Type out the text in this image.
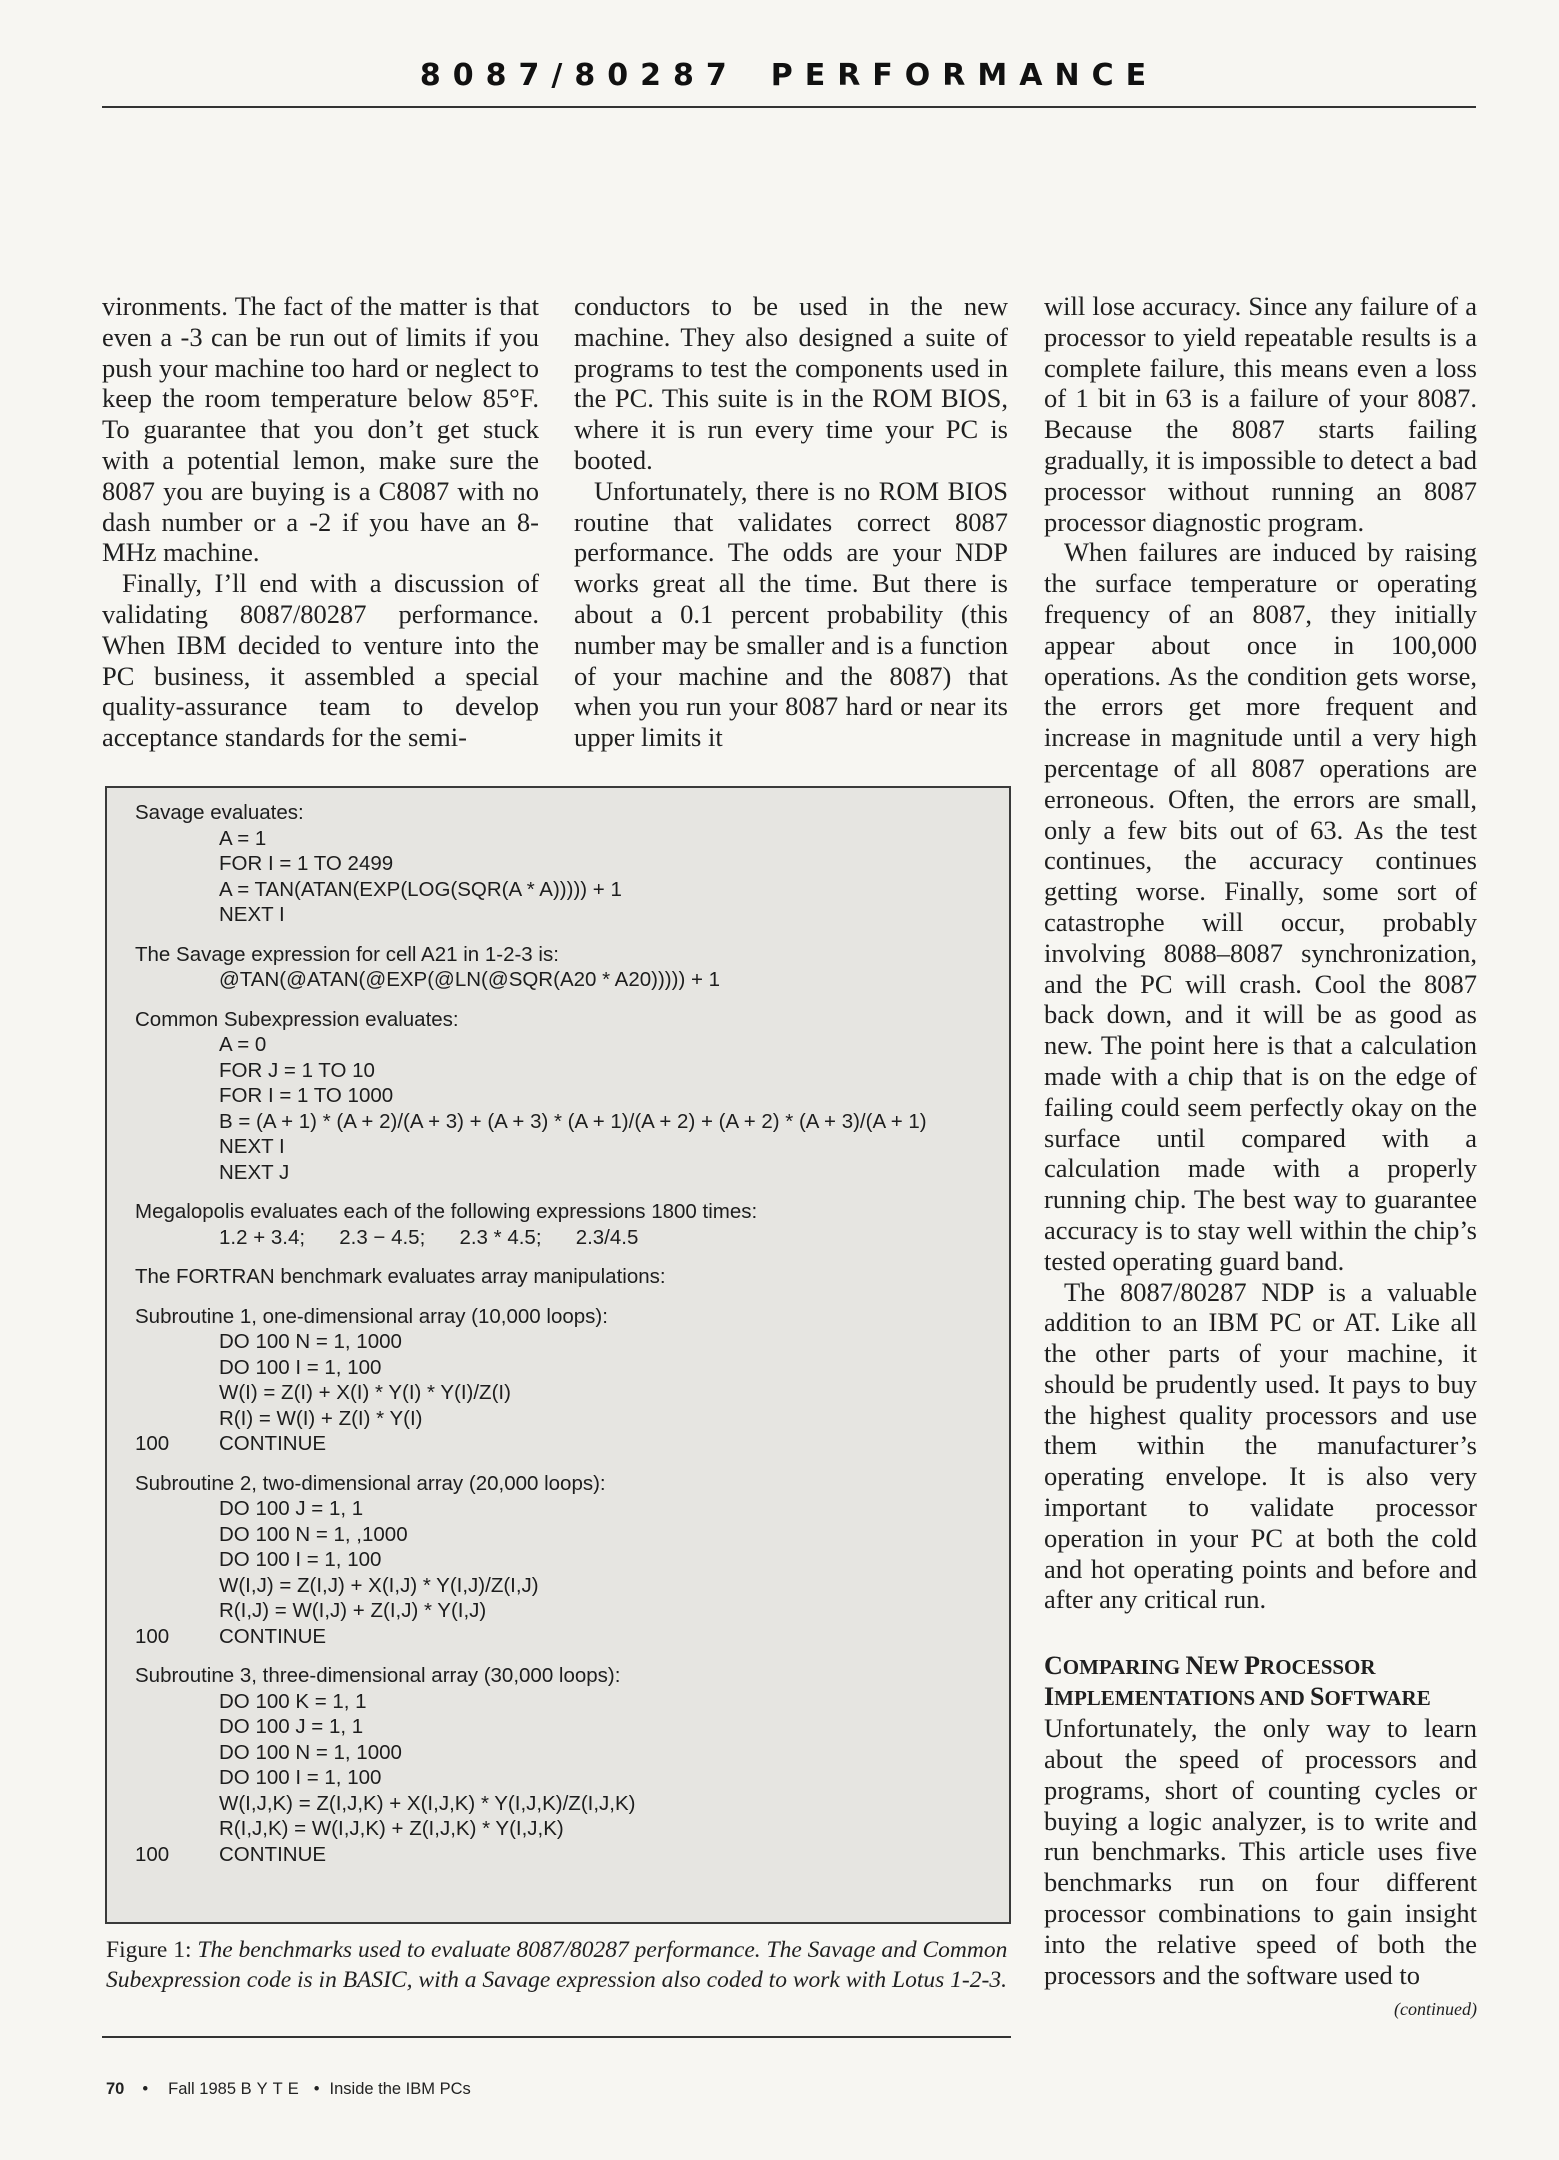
8087/80287 PERFORMANCE

vironments. The fact of the matter is that even a -3 can be run out of limits if you push your machine too hard or neglect to keep the room temperature below 85°F. To guarantee that you don’t get stuck with a potential lemon, make sure the 8087 you are buying is a C8087 with no dash number or a -2 if you have an 8-MHz machine.

Finally, I’ll end with a discussion of validating 8087/80287 performance. When IBM decided to venture into the PC business, it assembled a special quality-assurance team to develop acceptance standards for the semi-

conductors to be used in the new machine. They also designed a suite of programs to test the components used in the PC. This suite is in the ROM BIOS, where it is run every time your PC is booted.

Unfortunately, there is no ROM BIOS routine that validates correct 8087 performance. The odds are your NDP works great all the time. But there is about a 0.1 percent probability (this number may be smaller and is a function of your machine and the 8087) that when you run your 8087 hard or near its upper limits it

will lose accuracy. Since any failure of a processor to yield repeatable results is a complete failure, this means even a loss of 1 bit in 63 is a failure of your 8087. Because the 8087 starts failing gradually, it is impossible to detect a bad processor without running an 8087 processor diagnostic program.

When failures are induced by raising the surface temperature or operating frequency of an 8087, they initially appear about once in 100,000 operations. As the condition gets worse, the errors get more frequent and increase in magnitude until a very high percentage of all 8087 operations are erroneous. Often, the errors are small, only a few bits out of 63. As the test continues, the accuracy continues getting worse. Finally, some sort of catastrophe will occur, probably involving 8088–8087 synchronization, and the PC will crash. Cool the 8087 back down, and it will be as good as new. The point here is that a calculation made with a chip that is on the edge of failing could seem perfectly okay on the surface until compared with a calculation made with a properly running chip. The best way to guarantee accuracy is to stay well within the chip’s tested operating guard band.

The 8087/80287 NDP is a valuable addition to an IBM PC or AT. Like all the other parts of your machine, it should be prudently used. It pays to buy the highest quality processors and use them within the manufacturer’s operating envelope. It is also very important to validate processor operation in your PC at both the cold and hot operating points and before and after any critical run.

COMPARING NEW PROCESSOR
IMPLEMENTATIONS AND SOFTWARE

Unfortunately, the only way to learn about the speed of processors and programs, short of counting cycles or buying a logic analyzer, is to write and run benchmarks. This article uses five benchmarks run on four different processor combinations to gain insight into the relative speed of both the processors and the software used to

(continued)
Savage evaluates:
A = 1
FOR I = 1 TO 2499
A = TAN(ATAN(EXP(LOG(SQR(A * A))))) + 1
NEXT I
The Savage expression for cell A21 in 1-2-3 is:
@TAN(@ATAN(@EXP(@LN(@SQR(A20 * A20))))) + 1
Common Subexpression evaluates:
A = 0
FOR J = 1 TO 10
FOR I = 1 TO 1000
B = (A + 1) * (A + 2)/(A + 3) + (A + 3) * (A + 1)/(A + 2) + (A + 2) * (A + 3)/(A + 1)
NEXT I
NEXT J
Megalopolis evaluates each of the following expressions 1800 times:
1.2 + 3.4;      2.3 − 4.5;      2.3 * 4.5;      2.3/4.5
The FORTRAN benchmark evaluates array manipulations:
Subroutine 1, one-dimensional array (10,000 loops):
DO 100 N = 1, 1000
DO 100 I = 1, 100
W(I) = Z(I) + X(I) * Y(I) * Y(I)/Z(I)
R(I) = W(I) + Z(I) * Y(I)
100 CONTINUE
Subroutine 2, two-dimensional array (20,000 loops):
DO 100 J = 1, 1
DO 100 N = 1, ,1000
DO 100 I = 1, 100
W(I,J) = Z(I,J) + X(I,J) * Y(I,J)/Z(I,J)
R(I,J) = W(I,J) + Z(I,J) * Y(I,J)
100 CONTINUE
Subroutine 3, three-dimensional array (30,000 loops):
DO 100 K = 1, 1
DO 100 J = 1, 1
DO 100 N = 1, 1000
DO 100 I = 1, 100
W(I,J,K) = Z(I,J,K) + X(I,J,K) * Y(I,J,K)/Z(I,J,K)
R(I,J,K) = W(I,J,K) + Z(I,J,K) * Y(I,J,K)
100 CONTINUE
Figure 1: The benchmarks used to evaluate 8087/80287 performance. The Savage and Common Subexpression code is in BASIC, with a Savage expression also coded to work with Lotus 1-2-3.
70 • Fall 1985 BYTE • Inside the IBM PCs
